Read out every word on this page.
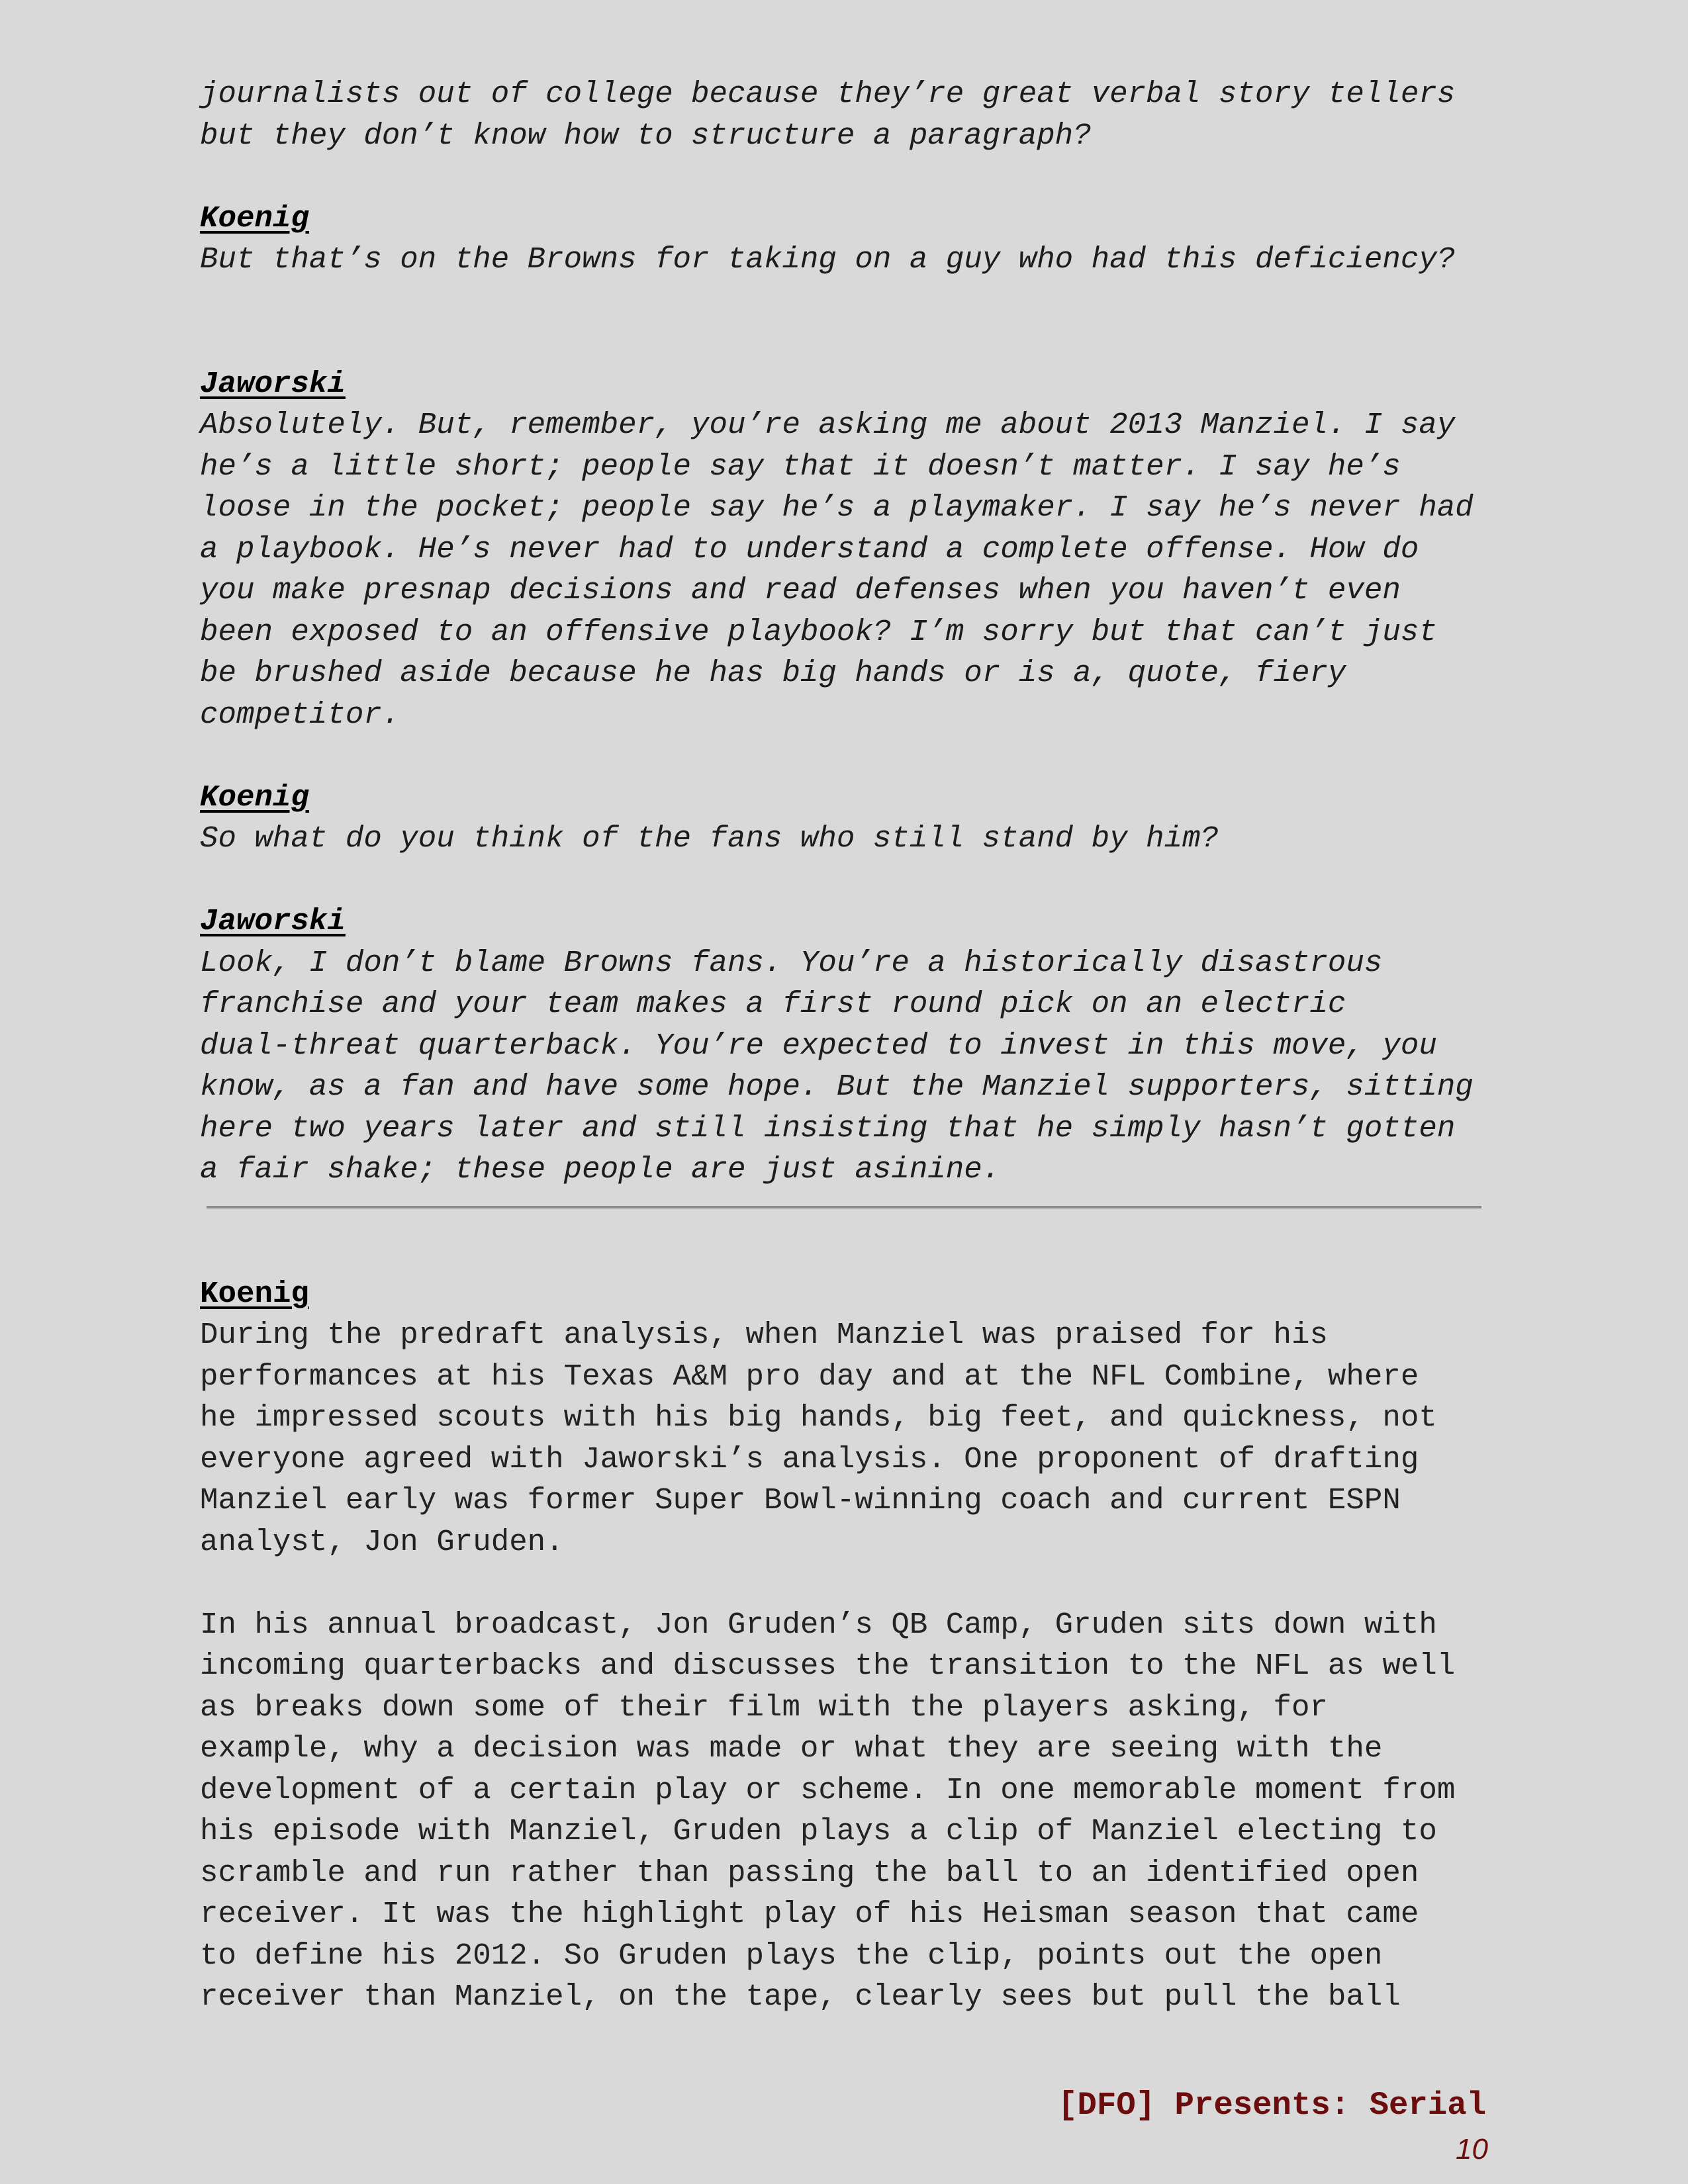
journalists out of college because they’re great verbal story tellers
but they don’t know how to structure a paragraph?
Koenig
But that’s on the Browns for taking on a guy who had this deficiency?
Jaworski
Absolutely. But, remember, you’re asking me about 2013 Manziel. I say
he’s a little short; people say that it doesn’t matter. I say he’s
loose in the pocket; people say he’s a playmaker. I say he’s never had
a playbook. He’s never had to understand a complete offense. How do
you make presnap decisions and read defenses when you haven’t even
been exposed to an offensive playbook? I’m sorry but that can’t just
be brushed aside because he has big hands or is a, quote, fiery
competitor.
Koenig
So what do you think of the fans who still stand by him?
Jaworski
Look, I don’t blame Browns fans. You’re a historically disastrous
franchise and your team makes a first round pick on an electric
dual-threat quarterback. You’re expected to invest in this move, you
know, as a fan and have some hope. But the Manziel supporters, sitting
here two years later and still insisting that he simply hasn’t gotten
a fair shake; these people are just asinine.
Koenig
During the predraft analysis, when Manziel was praised for his
performances at his Texas A&M pro day and at the NFL Combine, where
he impressed scouts with his big hands, big feet, and quickness, not
everyone agreed with Jaworski’s analysis. One proponent of drafting
Manziel early was former Super Bowl-winning coach and current ESPN
analyst, Jon Gruden.
In his annual broadcast, Jon Gruden’s QB Camp, Gruden sits down with
incoming quarterbacks and discusses the transition to the NFL as well
as breaks down some of their film with the players asking, for
example, why a decision was made or what they are seeing with the
development of a certain play or scheme. In one memorable moment from
his episode with Manziel, Gruden plays a clip of Manziel electing to
scramble and run rather than passing the ball to an identified open
receiver. It was the highlight play of his Heisman season that came
to define his 2012. So Gruden plays the clip, points out the open
receiver than Manziel, on the tape, clearly sees but pull the ball
[DFO] Presents: Serial
10
